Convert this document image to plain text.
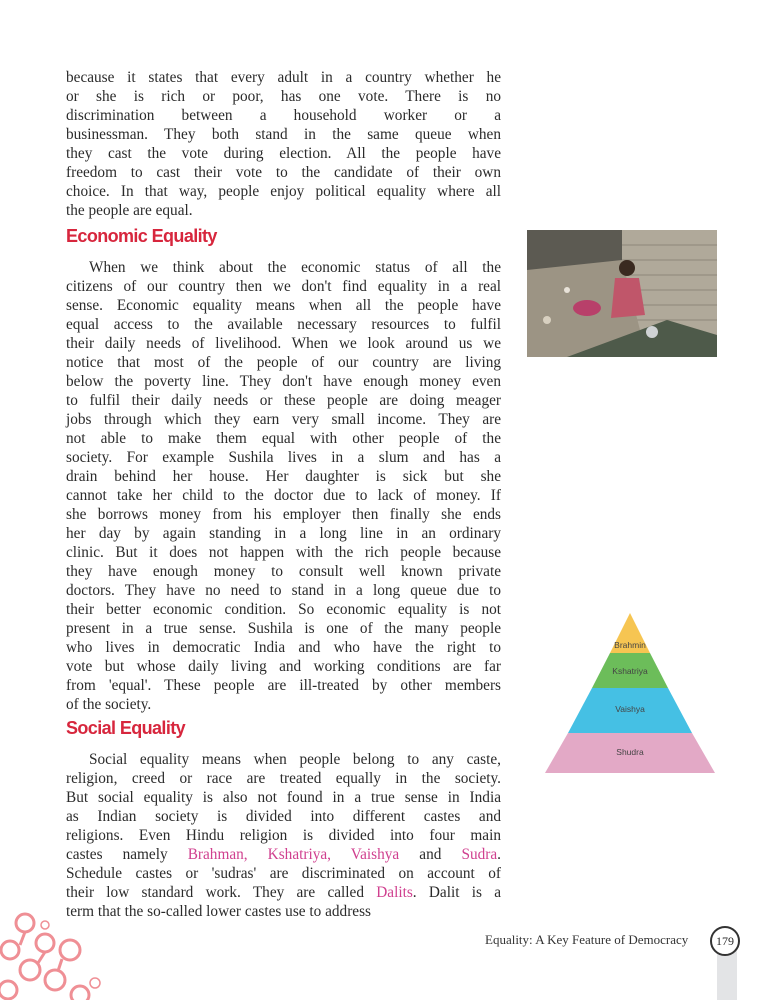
because it states that every adult in a country whether he
or she is rich or poor, has one vote. There is no
discrimination between a household worker or a
businessman. They both stand in the same queue when
they cast the vote during election. All the people have
freedom to cast their vote to the candidate of their own
choice. In that way, people enjoy political equality where all
the people are equal.
Economic Equality
When we think about the economic status of all the
citizens of our country then we don't find equality in a real
sense. Economic equality means when all the people have
equal access to the available necessary resources to fulfil
their daily needs of livelihood. When we look around us we
notice that most of the people of our country are living
below the poverty line. They don't have enough money even
to fulfil their daily needs or these people are doing meager
jobs through which they earn very small income. They are
not able to make them equal with other people of the
society. For example Sushila lives in a slum and has a
drain behind her house. Her daughter is sick but she
cannot take her child to the doctor due to lack of money. If
she borrows money from his employer then finally she ends
her day by again standing in a long line in an ordinary
clinic. But it does not happen with the rich people because
they have enough money to consult well known private
doctors. They have no need to stand in a long queue due to
their better economic condition. So economic equality is not
present in a true sense. Sushila is one of the many people
who lives in democratic India and who have the right to
vote but whose daily living and working conditions are far
from 'equal'. These people are ill-treated by other members
of the society.
Social Equality
Social equality means when people belong to any caste,
religion, creed or race are treated equally in the society.
But social equality is also not found in a true sense in India
as Indian society is divided into different castes and
religions. Even Hindu religion is divided into four main
castes namely Brahman, Kshatriya, Vaishya and Sudra.
Schedule castes or 'sudras' are discriminated on account of
their low standard work. They are called Dalits. Dalit is a
term that the so-called lower castes use to address
Brahmin
Kshatriya
Vaishya
Shudra
Equality: A Key Feature of Democracy	179
